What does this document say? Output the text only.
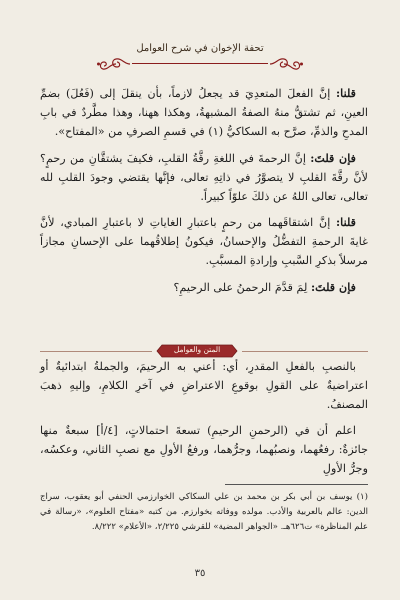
تحفة الإخوان في شرح العوامل

قلنا: إنَّ الفعلَ المتعدِيَ قد يجعلُ لازماً، بأن ينقلَ إلى (فَعُلَ) بضمِّ العينِ، ثم تشتقُّ منهُ الصفةُ المشبهةُ، وهكذا ههنا، وهذا مطَّردٌ في بابِ المدحِ والذمِّ، صرَّح به السكاكيُّ (١) في قسمِ الصرفِ من «المفتاح».

فإن قلتَ: إنَّ الرحمةَ في اللغةِ رقَّةُ القلبِ، فكيفَ يشتقَّانِ من رحمٍ؟ لأنَّ رقَّةَ القلبِ لا يتصوَّرُ في ذاتِهِ تعالى، فإنَّها يقتضي وجودَ القلبِ لله تعالى، تعالى اللهُ عن ذلكَ علوّاً كبيراً.

قلنا: إنَّ اشتقاقَهما من رحمٍ باعتبارِ الغاياتِ لا باعتبارِ المبادي، لأنَّ غايةَ الرحمةِ التفضُّلُ والإحسانُ، فيكونُ إطلاقُهما على الإحسانِ مجازاً مرسلاً بذكرِ السَّببِ وإرادةِ المسبَّبِ.

فإن قلتَ: لِمَ قدَّمَ الرحمنُ على الرحيمِ؟

المتن والعوامل

بالنصبِ بالفعلِ المقدرِ، أي: أعني به الرحيمَ، والجملةُ ابتدائيةٌ أو اعتراضيةٌ على القولِ بوقوعِ الاعتراضِ في آخرِ الكلامِ، وإليهِ ذهبَ المصنفُ.

اعلم أن في (الرحمنِ الرحيمِ) تسعةَ احتمالاتٍ، [٤/أ] سبعةٌ منها جائزةٌ: رفعُهما، ونصبُهما، وجرُّهما، ورفعُ الأولِ مع نصبِ الثاني، وعكسُه، وجرُّ الأولِ

(١) يوسف بن أبي بكر بن محمد بن علي السكاكي الخوارزمي الحنفي أبو يعقوب، سراج الدين: عالم بالعربية والأدب. مولده ووفاته بخوارزم. من كتبه «مفتاح العلوم»، «رسالة في علم المناظرة» ت٦٢٦هـ. «الجواهر المضية» للقرشي ٢/٢٢٥، «الأعلام» ٨/٢٢٢.
٣٥
